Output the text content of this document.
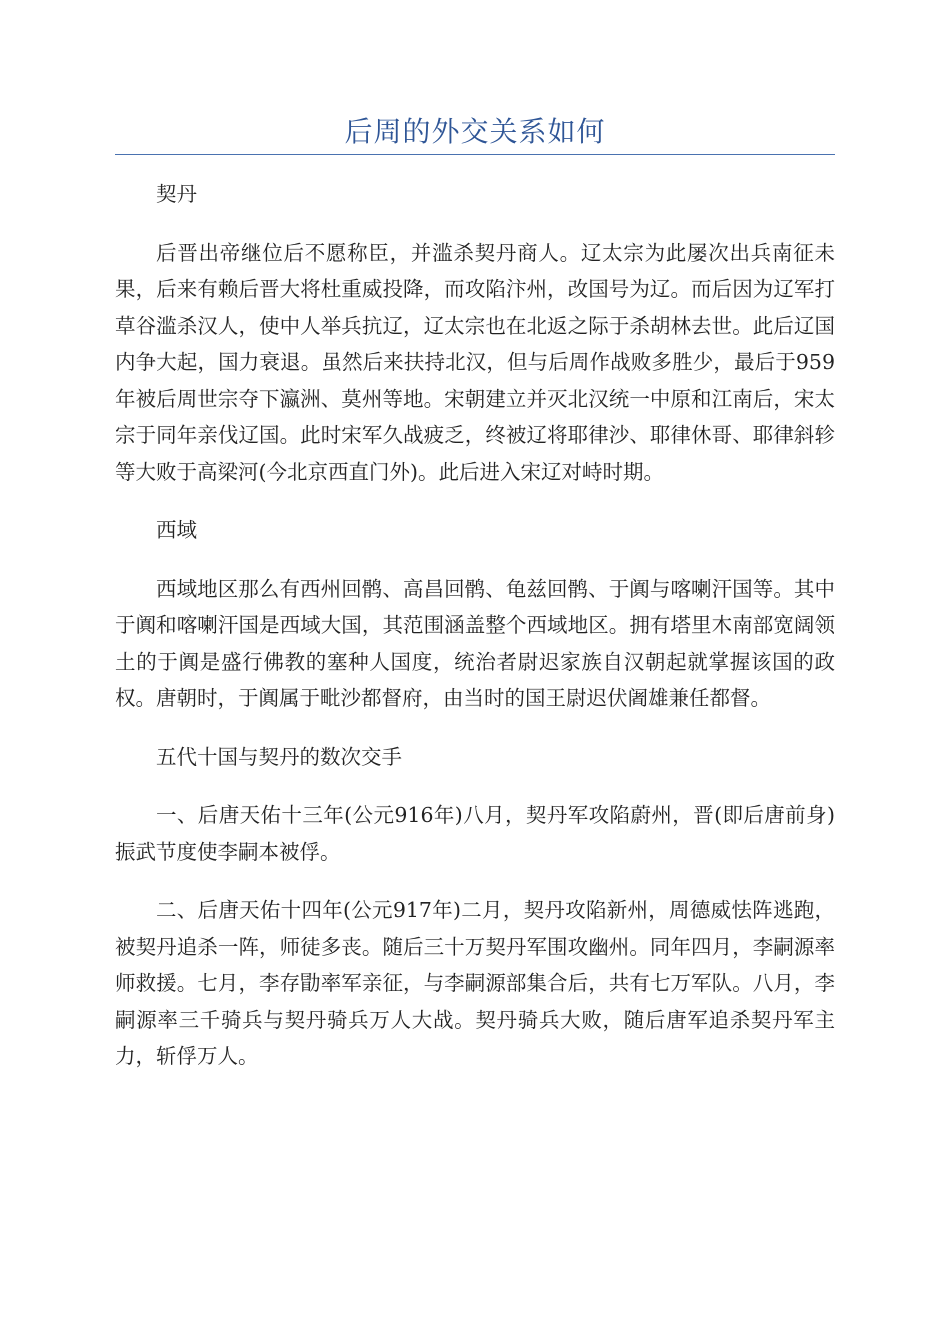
后周的外交关系如何

契丹

后晋出帝继位后不愿称臣，并滥杀契丹商人。辽太宗为此屡次出兵南征未果，后来有赖后晋大将杜重威投降，而攻陷汴州，改国号为辽。而后因为辽军打草谷滥杀汉人，使中人举兵抗辽，辽太宗也在北返之际于杀胡林去世。此后辽国内争大起，国力衰退。虽然后来扶持北汉，但与后周作战败多胜少，最后于959年被后周世宗夺下瀛洲、莫州等地。宋朝建立并灭北汉统一中原和江南后，宋太宗于同年亲伐辽国。此时宋军久战疲乏，终被辽将耶律沙、耶律休哥、耶律斜轸等大败于高梁河(今北京西直门外)。此后进入宋辽对峙时期。

西域

西域地区那么有西州回鹘、高昌回鹘、龟兹回鹘、于阗与喀喇汗国等。其中于阗和喀喇汗国是西域大国，其范围涵盖整个西域地区。拥有塔里木南部宽阔领土的于阗是盛行佛教的塞种人国度，统治者尉迟家族自汉朝起就掌握该国的政权。唐朝时，于阗属于毗沙都督府，由当时的国王尉迟伏阇雄兼任都督。

五代十国与契丹的数次交手

一、后唐天佑十三年(公元916年)八月，契丹军攻陷蔚州，晋(即后唐前身)振武节度使李嗣本被俘。

二、后唐天佑十四年(公元917年)二月，契丹攻陷新州，周德威怯阵逃跑，被契丹追杀一阵，师徒多丧。随后三十万契丹军围攻幽州。同年四月，李嗣源率师救援。七月，李存勖率军亲征，与李嗣源部集合后，共有七万军队。八月，李嗣源率三千骑兵与契丹骑兵万人大战。契丹骑兵大败，随后唐军追杀契丹军主力，斩俘万人。
